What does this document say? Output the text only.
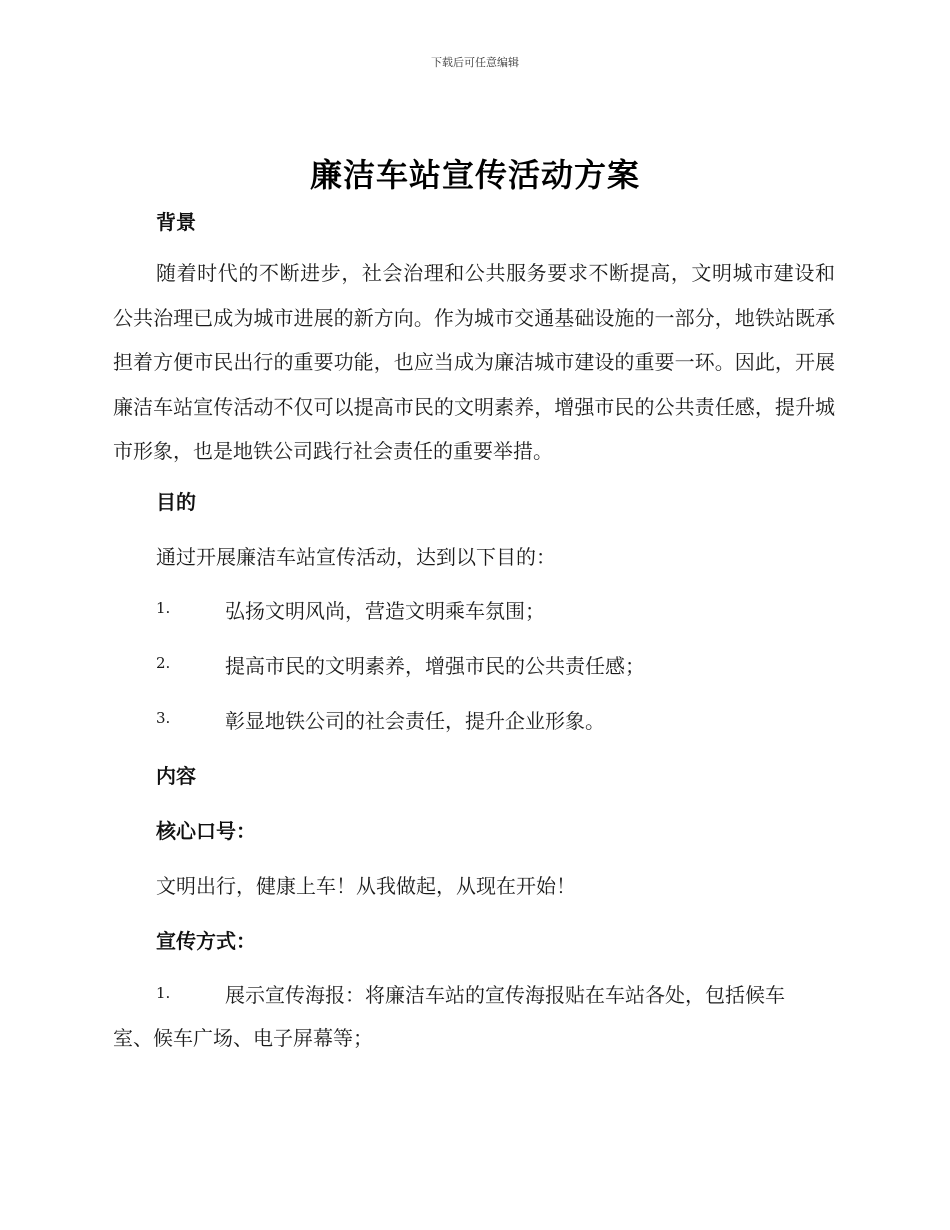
下载后可任意编辑
廉洁车站宣传活动方案
背景
随着时代的不断进步，社会治理和公共服务要求不断提高，文明城市建设和公共治理已成为城市进展的新方向。作为城市交通基础设施的一部分，地铁站既承担着方便市民出行的重要功能，也应当成为廉洁城市建设的重要一环。因此，开展廉洁车站宣传活动不仅可以提高市民的文明素养，增强市民的公共责任感，提升城市形象，也是地铁公司践行社会责任的重要举措。
目的
通过开展廉洁车站宣传活动，达到以下目的：
1.	弘扬文明风尚，营造文明乘车氛围；
2.	提高市民的文明素养，增强市民的公共责任感；
3.	彰显地铁公司的社会责任，提升企业形象。
内容
核心口号：
文明出行，健康上车！从我做起，从现在开始！
宣传方式：
1.	展示宣传海报：将廉洁车站的宣传海报贴在车站各处，包括候车
室、候车广场、电子屏幕等；
